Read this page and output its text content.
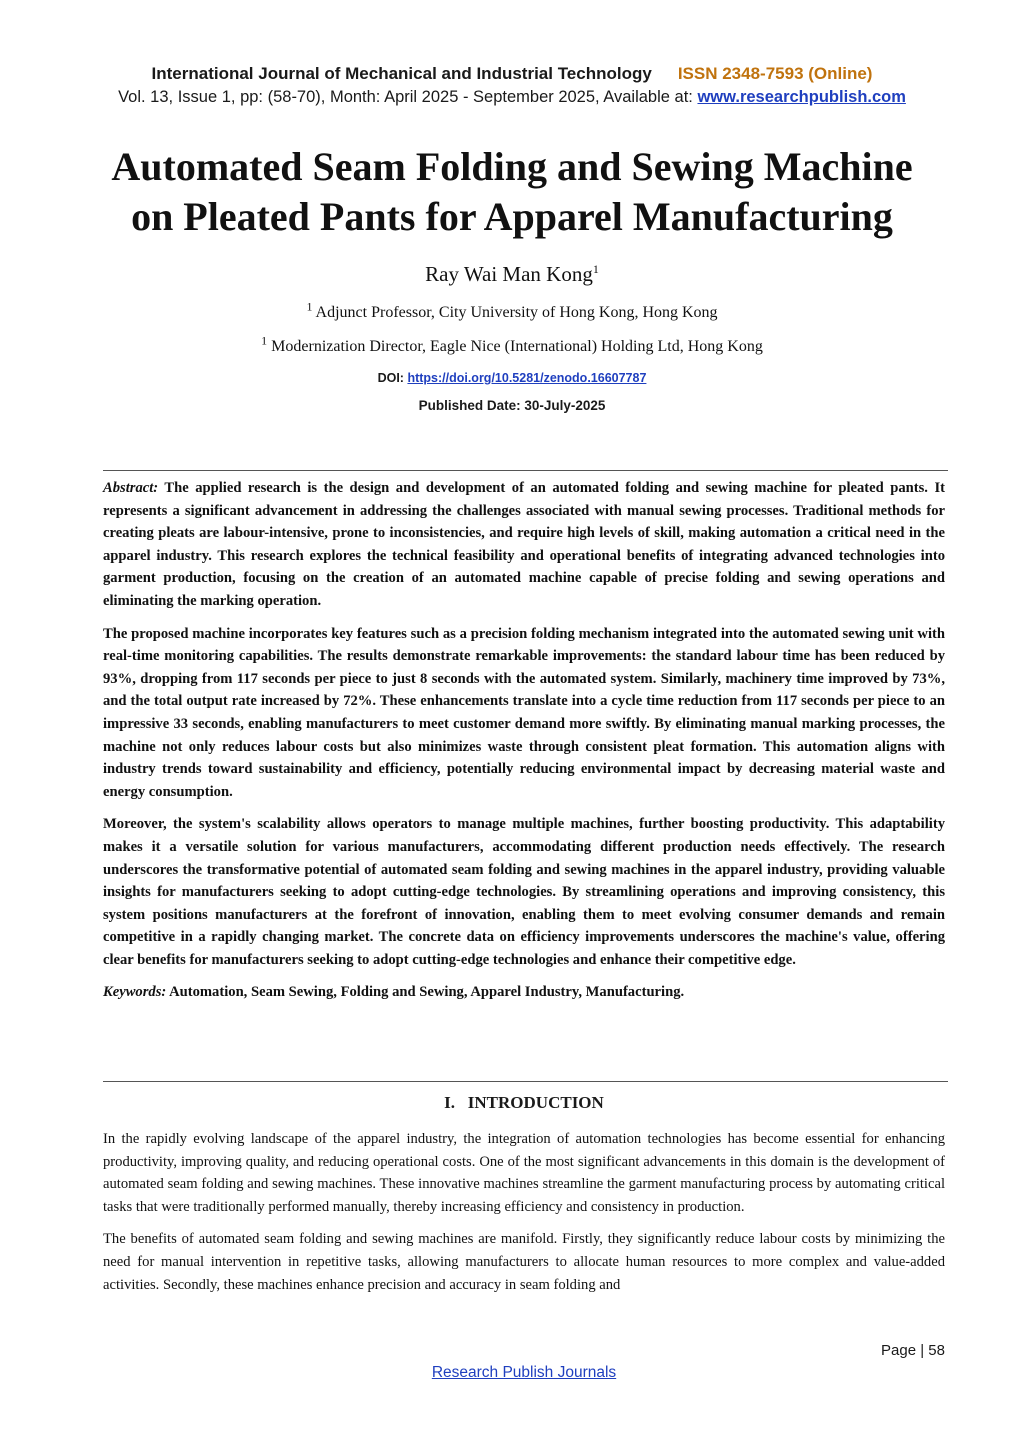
International Journal of Mechanical and Industrial Technology ISSN 2348-7593 (Online)
Vol. 13, Issue 1, pp: (58-70), Month: April 2025 - September 2025, Available at: www.researchpublish.com
Automated Seam Folding and Sewing Machine
on Pleated Pants for Apparel Manufacturing
Ray Wai Man Kong$^1$
$^1$ Adjunct Professor, City University of Hong Kong, Hong Kong
$^1$ Modernization Director, Eagle Nice (International) Holding Ltd, Hong Kong
DOI: https://doi.org/10.5281/zenodo.16607787
Published Date: 30-July-2025

Abstract: The applied research is the design and development of an automated folding and sewing machine for pleated pants. It represents a significant advancement in addressing the challenges associated with manual sewing processes. Traditional methods for creating pleats are labour-intensive, prone to inconsistencies, and require high levels of skill, making automation a critical need in the apparel industry. This research explores the technical feasibility and operational benefits of integrating advanced technologies into garment production, focusing on the creation of an automated machine capable of precise folding and sewing operations and eliminating the marking operation.

The proposed machine incorporates key features such as a precision folding mechanism integrated into the automated sewing unit with real-time monitoring capabilities. The results demonstrate remarkable improvements: the standard labour time has been reduced by 93%, dropping from 117 seconds per piece to just 8 seconds with the automated system. Similarly, machinery time improved by 73%, and the total output rate increased by 72%. These enhancements translate into a cycle time reduction from 117 seconds per piece to an impressive 33 seconds, enabling manufacturers to meet customer demand more swiftly. By eliminating manual marking processes, the machine not only reduces labour costs but also minimizes waste through consistent pleat formation. This automation aligns with industry trends toward sustainability and efficiency, potentially reducing environmental impact by decreasing material waste and energy consumption.

Moreover, the system's scalability allows operators to manage multiple machines, further boosting productivity. This adaptability makes it a versatile solution for various manufacturers, accommodating different production needs effectively. The research underscores the transformative potential of automated seam folding and sewing machines in the apparel industry, providing valuable insights for manufacturers seeking to adopt cutting-edge technologies. By streamlining operations and improving consistency, this system positions manufacturers at the forefront of innovation, enabling them to meet evolving consumer demands and remain competitive in a rapidly changing market. The concrete data on efficiency improvements underscores the machine's value, offering clear benefits for manufacturers seeking to adopt cutting-edge technologies and enhance their competitive edge.

Keywords: Automation, Seam Sewing, Folding and Sewing, Apparel Industry, Manufacturing.

I.   INTRODUCTION

In the rapidly evolving landscape of the apparel industry, the integration of automation technologies has become essential for enhancing productivity, improving quality, and reducing operational costs. One of the most significant advancements in this domain is the development of automated seam folding and sewing machines. These innovative machines streamline the garment manufacturing process by automating critical tasks that were traditionally performed manually, thereby increasing efficiency and consistency in production.

The benefits of automated seam folding and sewing machines are manifold. Firstly, they significantly reduce labour costs by minimizing the need for manual intervention in repetitive tasks, allowing manufacturers to allocate human resources to more complex and value-added activities. Secondly, these machines enhance precision and accuracy in seam folding and

Page | 58
Research Publish Journals
